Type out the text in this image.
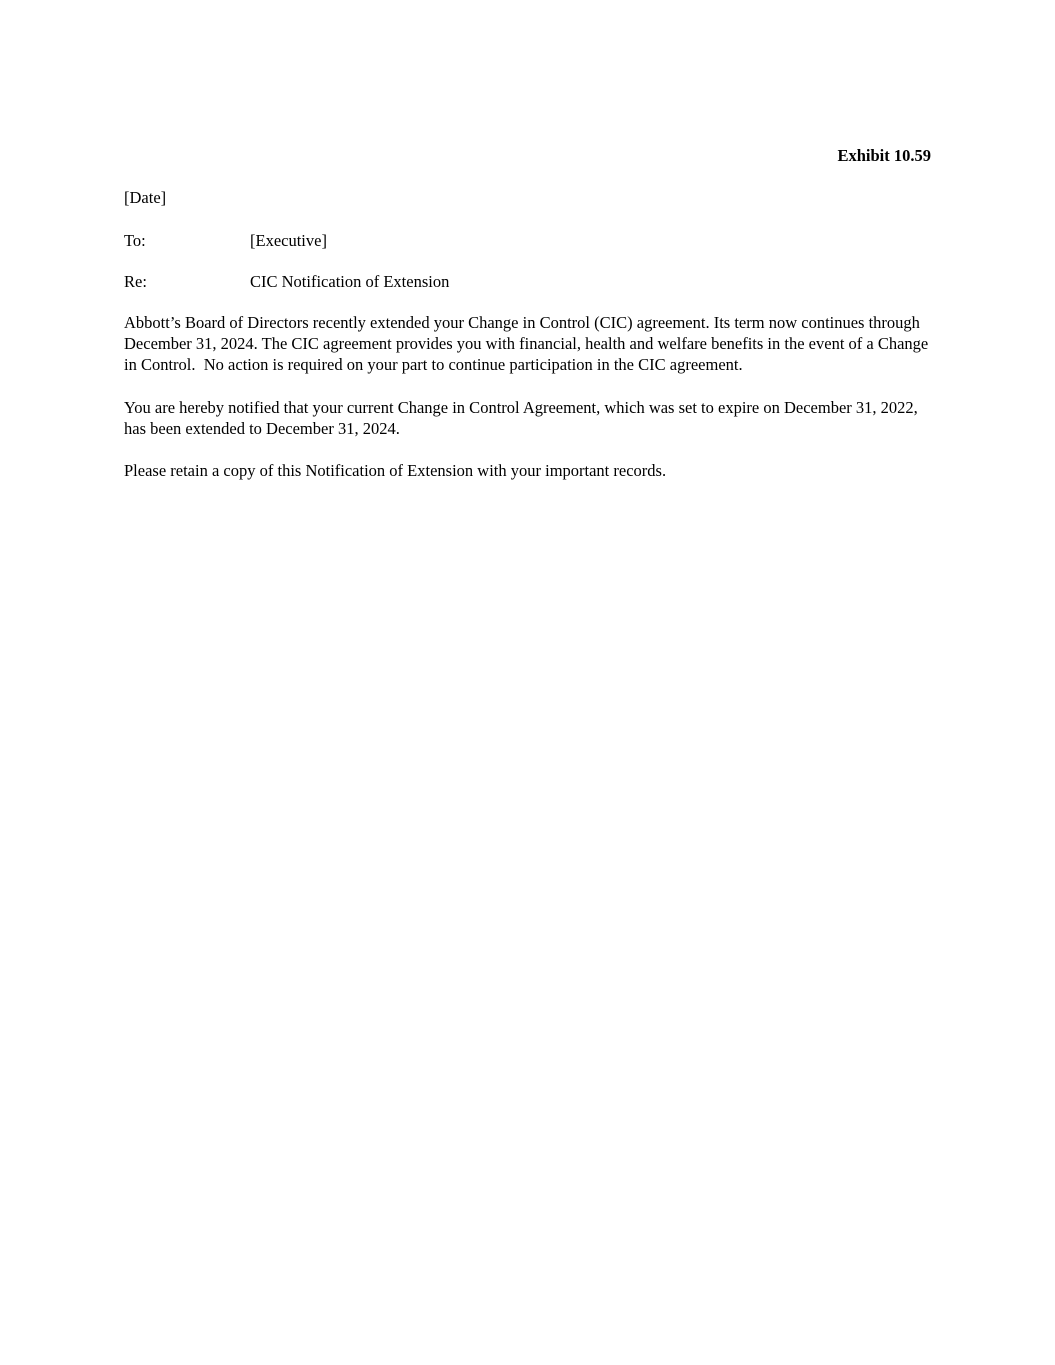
Exhibit 10.59
[Date]
To:	[Executive]
Re:	CIC Notification of Extension

Abbott’s Board of Directors recently extended your Change in Control (CIC) agreement. Its term now continues through December 31, 2024. The CIC agreement provides you with financial, health and welfare benefits in the event of a Change in Control.  No action is required on your part to continue participation in the CIC agreement.

You are hereby notified that your current Change in Control Agreement, which was set to expire on December 31, 2022, has been extended to December 31, 2024.

Please retain a copy of this Notification of Extension with your important records.
